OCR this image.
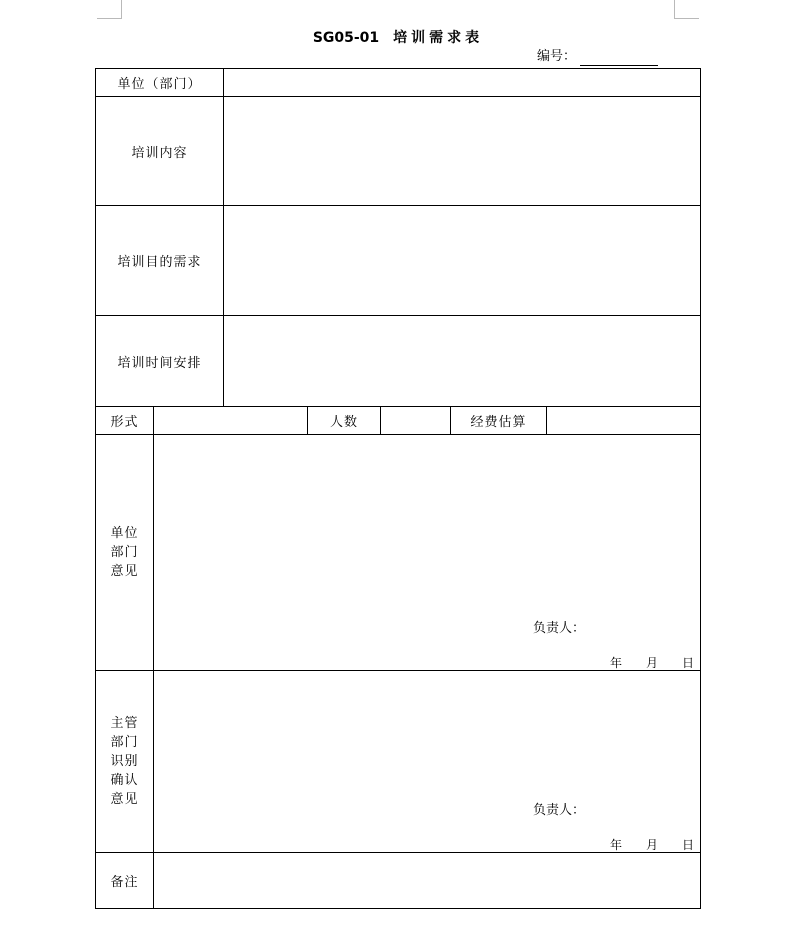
SG05-01 培训需求表
编号：
单位（部门）
培训内容
培训目的需求
培训时间安排
形式	人数	经费估算
单位
部门
意见
负责人：
年 月 日
主管
部门
识别
确认
意见
负责人：
年 月 日
备注
